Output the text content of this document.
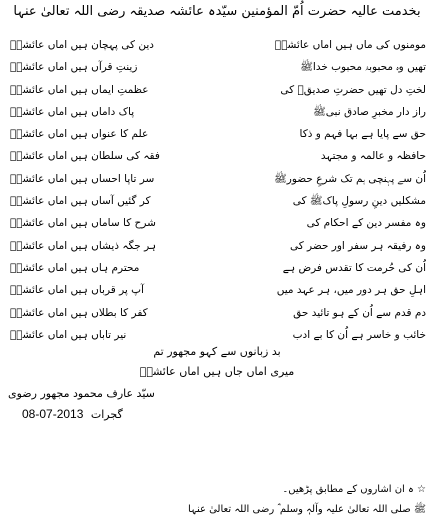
بخدمت عالیہ حضرت اُمّ المؤمنین سیّدہ عائشہ صدیقہ رضی اللہ تعالیٰ عنہا
مومنوں کی ماں ہیں اماں عائشہؓ
دین کی پہچان ہیں اماں عائشہؓ
تھیں وہ محبوبۂ محبوب خداﷺ
زینتِ قرآں ہیں اماں عائشہؓ
لختِ دل تھیں حضرتِ صدیقؓ کی
عظمتِ ایماں ہیں اماں عائشہؓ
راز دار مخبرِ صادق نبیﷺ
پاک داماں ہیں اماں عائشہؓ
حق سے پایا ہے بہا فہم و ذکا
علم کا عنواں ہیں اماں عائشہؓ
حافظہ و عالمہ و مجتہد
فقہ کی سلطان ہیں اماں عائشہؓ
اُن سے پہنچی ہم تک شرعِ حضورﷺ
سر تاپا احساں ہیں اماں عائشہؓ
مشکلیں دینِ رسولِ پاکﷺ کی
کر گئیں آساں ہیں اماں عائشہؓ
وہ مفسر دین کے احکام کی
شرح کا ساماں ہیں اماں عائشہؓ
وہ رفیقہ ہر سفر اور حضر کی
ہر جگہ ذیشاں ہیں اماں عائشہؓ
اُن کی حُرمت کا تقدس فرض ہے
محترم ہاں ہیں اماں عائشہؓ
اہلِ حق ہر دور میں، ہر عہد میں
آپ پر قرباں ہیں اماں عائشہؓ
دم قدم سے اُن کے ہو تائید حق
کفر کا بطلاں ہیں اماں عائشہؓ
خائب و خاسر ہے اُن کا بے ادب
نیر تاباں ہیں اماں عائشہؓ
بد زبانوں سے کہو مجھور تم
میری اماں جاں ہیں اماں عائشہؓ
سیّد عارف محمود مجھور رضوی
08-07-2013 گجرات
☆ ہ ان اشاروں کے مطابق پڑھیں۔
ﷺ صلی اللہ تعالیٰ علیہ وآلہٖ وسلم ؓ رضی اللہ تعالیٰ عنہا
